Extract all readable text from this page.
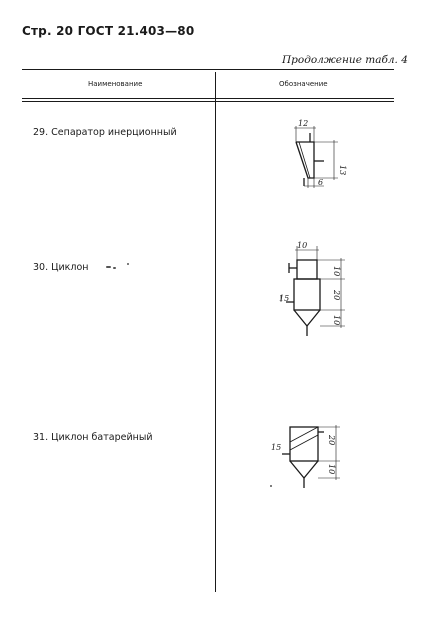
Стр. 20 ГОСТ 21.403—80
Продолжение табл. 4
Наименование	Обозначение
29. Сепаратор инерционный
12
13
6
30. Циклон
10
10
20
10
15
31. Циклон батарейный	20
10
15
